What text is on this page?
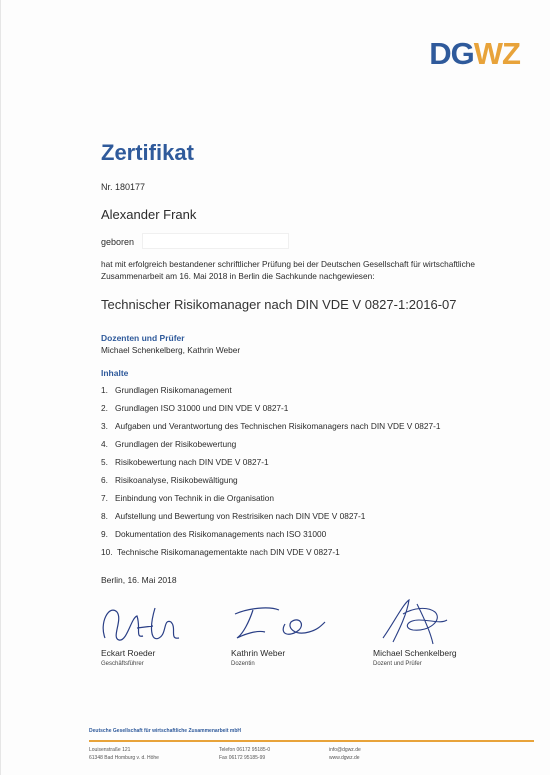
DGWZ
Zertifikat
Nr. 180177
Alexander Frank
geboren
hat mit erfolgreich bestandener schriftlicher Prüfung bei der Deutschen Gesellschaft für wirtschaftliche Zusammenarbeit am 16. Mai 2018 in Berlin die Sachkunde nachgewiesen:
Technischer Risikomanager nach DIN VDE V 0827-1:2016-07
Dozenten und Prüfer
Michael Schenkelberg, Kathrin Weber
Inhalte
1. Grundlagen Risikomanagement
2. Grundlagen ISO 31000 und DIN VDE V 0827-1
3. Aufgaben und Verantwortung des Technischen Risikomanagers nach DIN VDE V 0827-1
4. Grundlagen der Risikobewertung
5. Risikobewertung nach DIN VDE V 0827-1
6. Risikoanalyse, Risikobewältigung
7. Einbindung von Technik in die Organisation
8. Aufstellung und Bewertung von Restrisiken nach DIN VDE V 0827-1
9. Dokumentation des Risikomanagements nach ISO 31000
10. Technische Risikomanagementakte nach DIN VDE V 0827-1
Berlin, 16. Mai 2018
Eckart Roeder
Geschäftsführer
Kathrin Weber
Dozentin
Michael Schenkelberg
Dozent und Prüfer
Deutsche Gesellschaft für wirtschaftliche Zusammenarbeit mbH
Louisenstraße 121
61348 Bad Homburg v. d. Höhe
Telefon 06172 95185-0
Fax 06172 95185-99
info@dgwz.de
www.dgwz.de
